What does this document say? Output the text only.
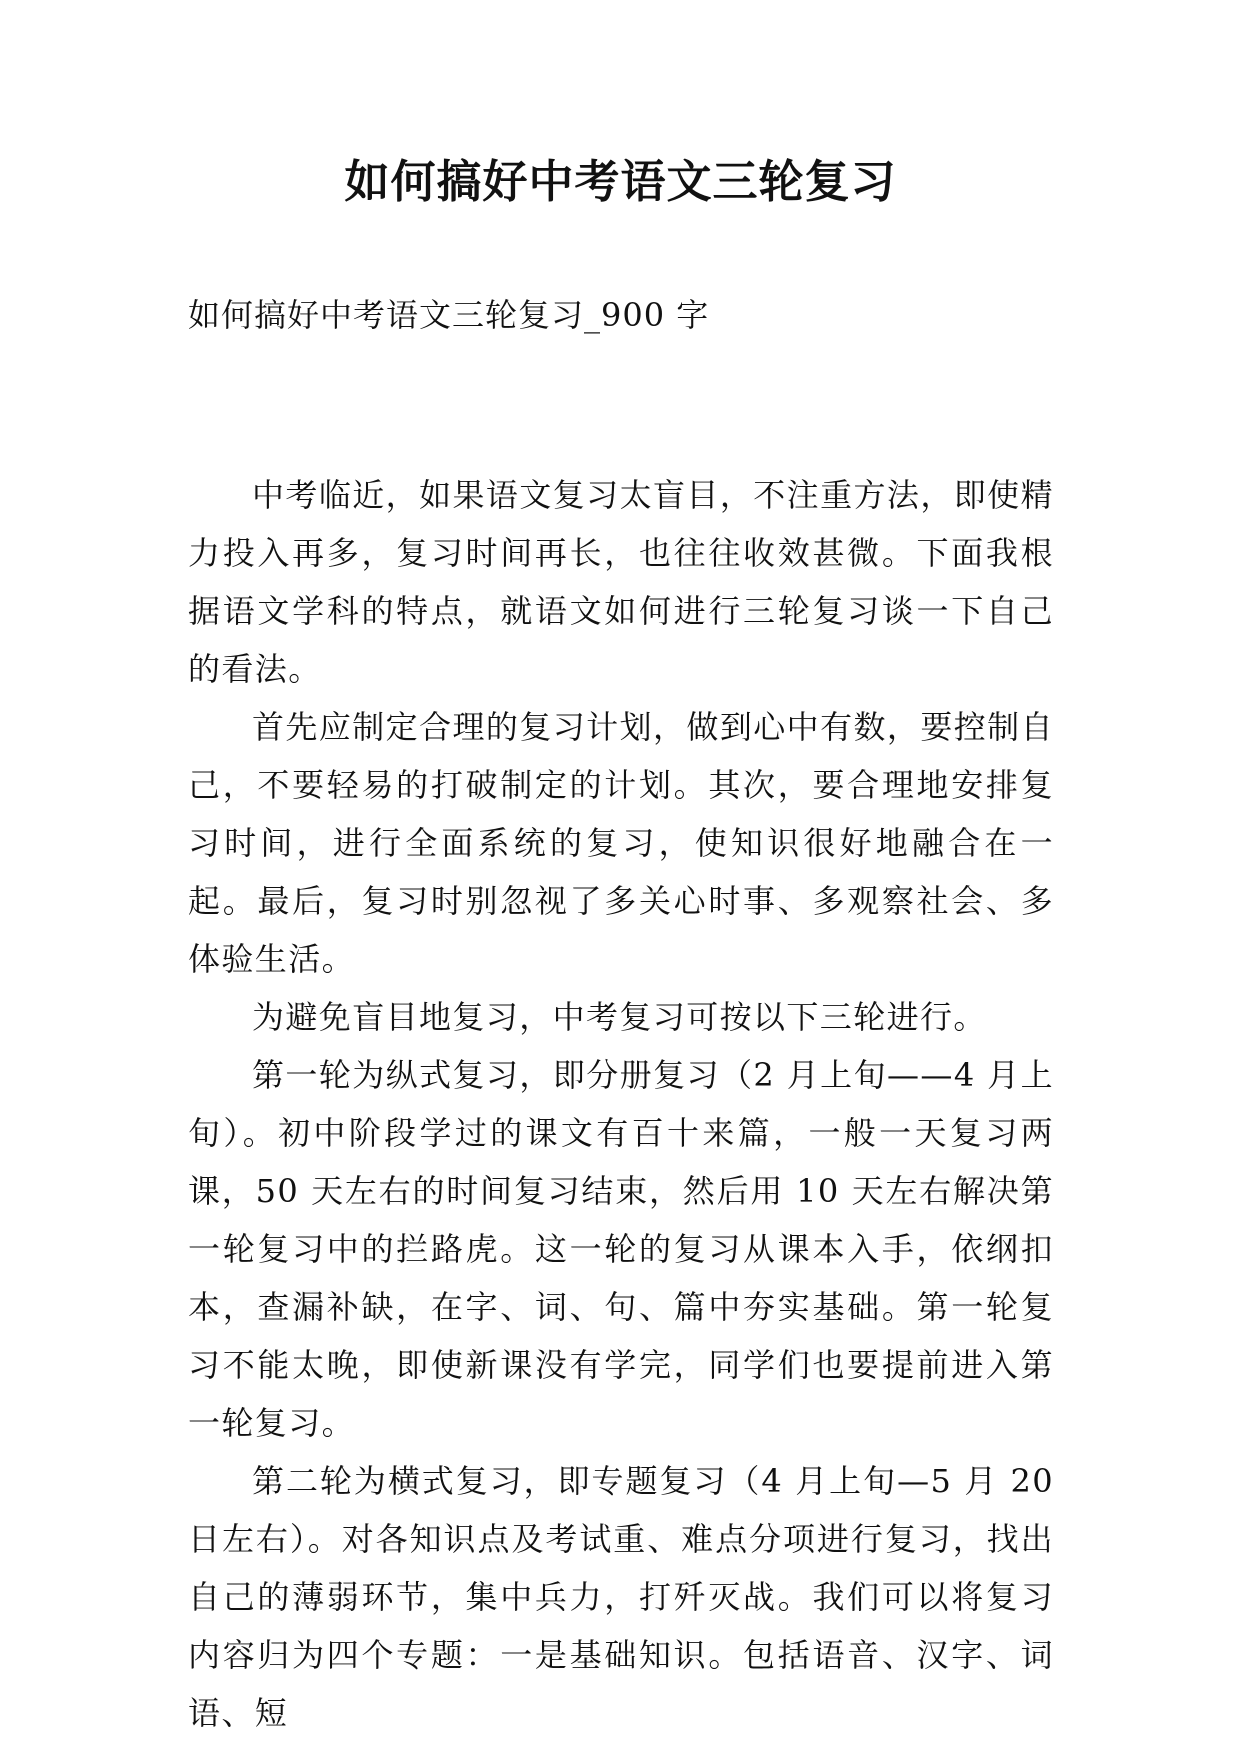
如何搞好中考语文三轮复习

如何搞好中考语文三轮复习_900 字

中考临近，如果语文复习太盲目，不注重方法，即使精力投入再多，复习时间再长，也往往收效甚微。下面我根据语文学科的特点，就语文如何进行三轮复习谈一下自己的看法。

首先应制定合理的复习计划，做到心中有数，要控制自己，不要轻易的打破制定的计划。其次，要合理地安排复习时间，进行全面系统的复习，使知识很好地融合在一起。最后，复习时别忽视了多关心时事、多观察社会、多体验生活。

为避免盲目地复习，中考复习可按以下三轮进行。

第一轮为纵式复习，即分册复习（2 月上旬——4 月上旬）。初中阶段学过的课文有百十来篇，一般一天复习两课，50 天左右的时间复习结束，然后用 10 天左右解决第一轮复习中的拦路虎。这一轮的复习从课本入手，依纲扣本，查漏补缺，在字、词、句、篇中夯实基础。第一轮复习不能太晚，即使新课没有学完，同学们也要提前进入第一轮复习。

第二轮为横式复习，即专题复习（4 月上旬—5 月 20 日左右）。对各知识点及考试重、难点分项进行复习，找出自己的薄弱环节，集中兵力，打歼灭战。我们可以将复习内容归为四个专题：一是基础知识。包括语音、汉字、词语、短
